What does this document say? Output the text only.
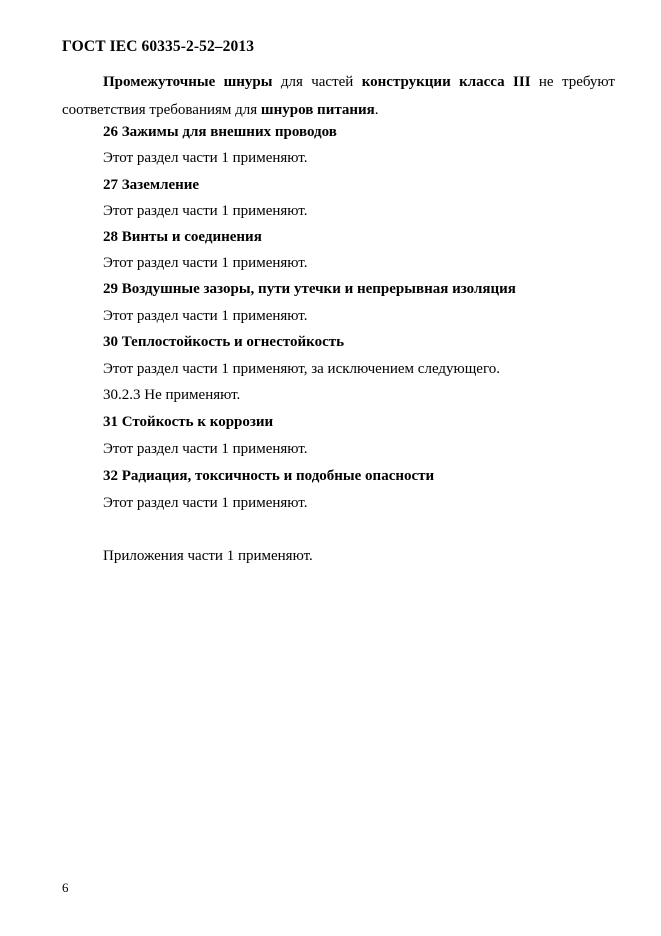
ГОСТ IEC 60335-2-52–2013
Промежуточные шнуры для частей конструкции класса III не требуют
соответствия требованиям для шнуров питания.
26 Зажимы для внешних проводов
Этот раздел части 1 применяют.
27 Заземление
Этот раздел части 1 применяют.
28 Винты и соединения
Этот раздел части 1 применяют.
29 Воздушные зазоры, пути утечки и непрерывная изоляция
Этот раздел части 1 применяют.
30 Теплостойкость и огнестойкость
Этот раздел части 1 применяют, за исключением следующего.
30.2.3 Не применяют.
31 Стойкость к коррозии
Этот раздел части 1 применяют.
32 Радиация, токсичность и подобные опасности
Этот раздел части 1 применяют.
Приложения части 1 применяют.
6
